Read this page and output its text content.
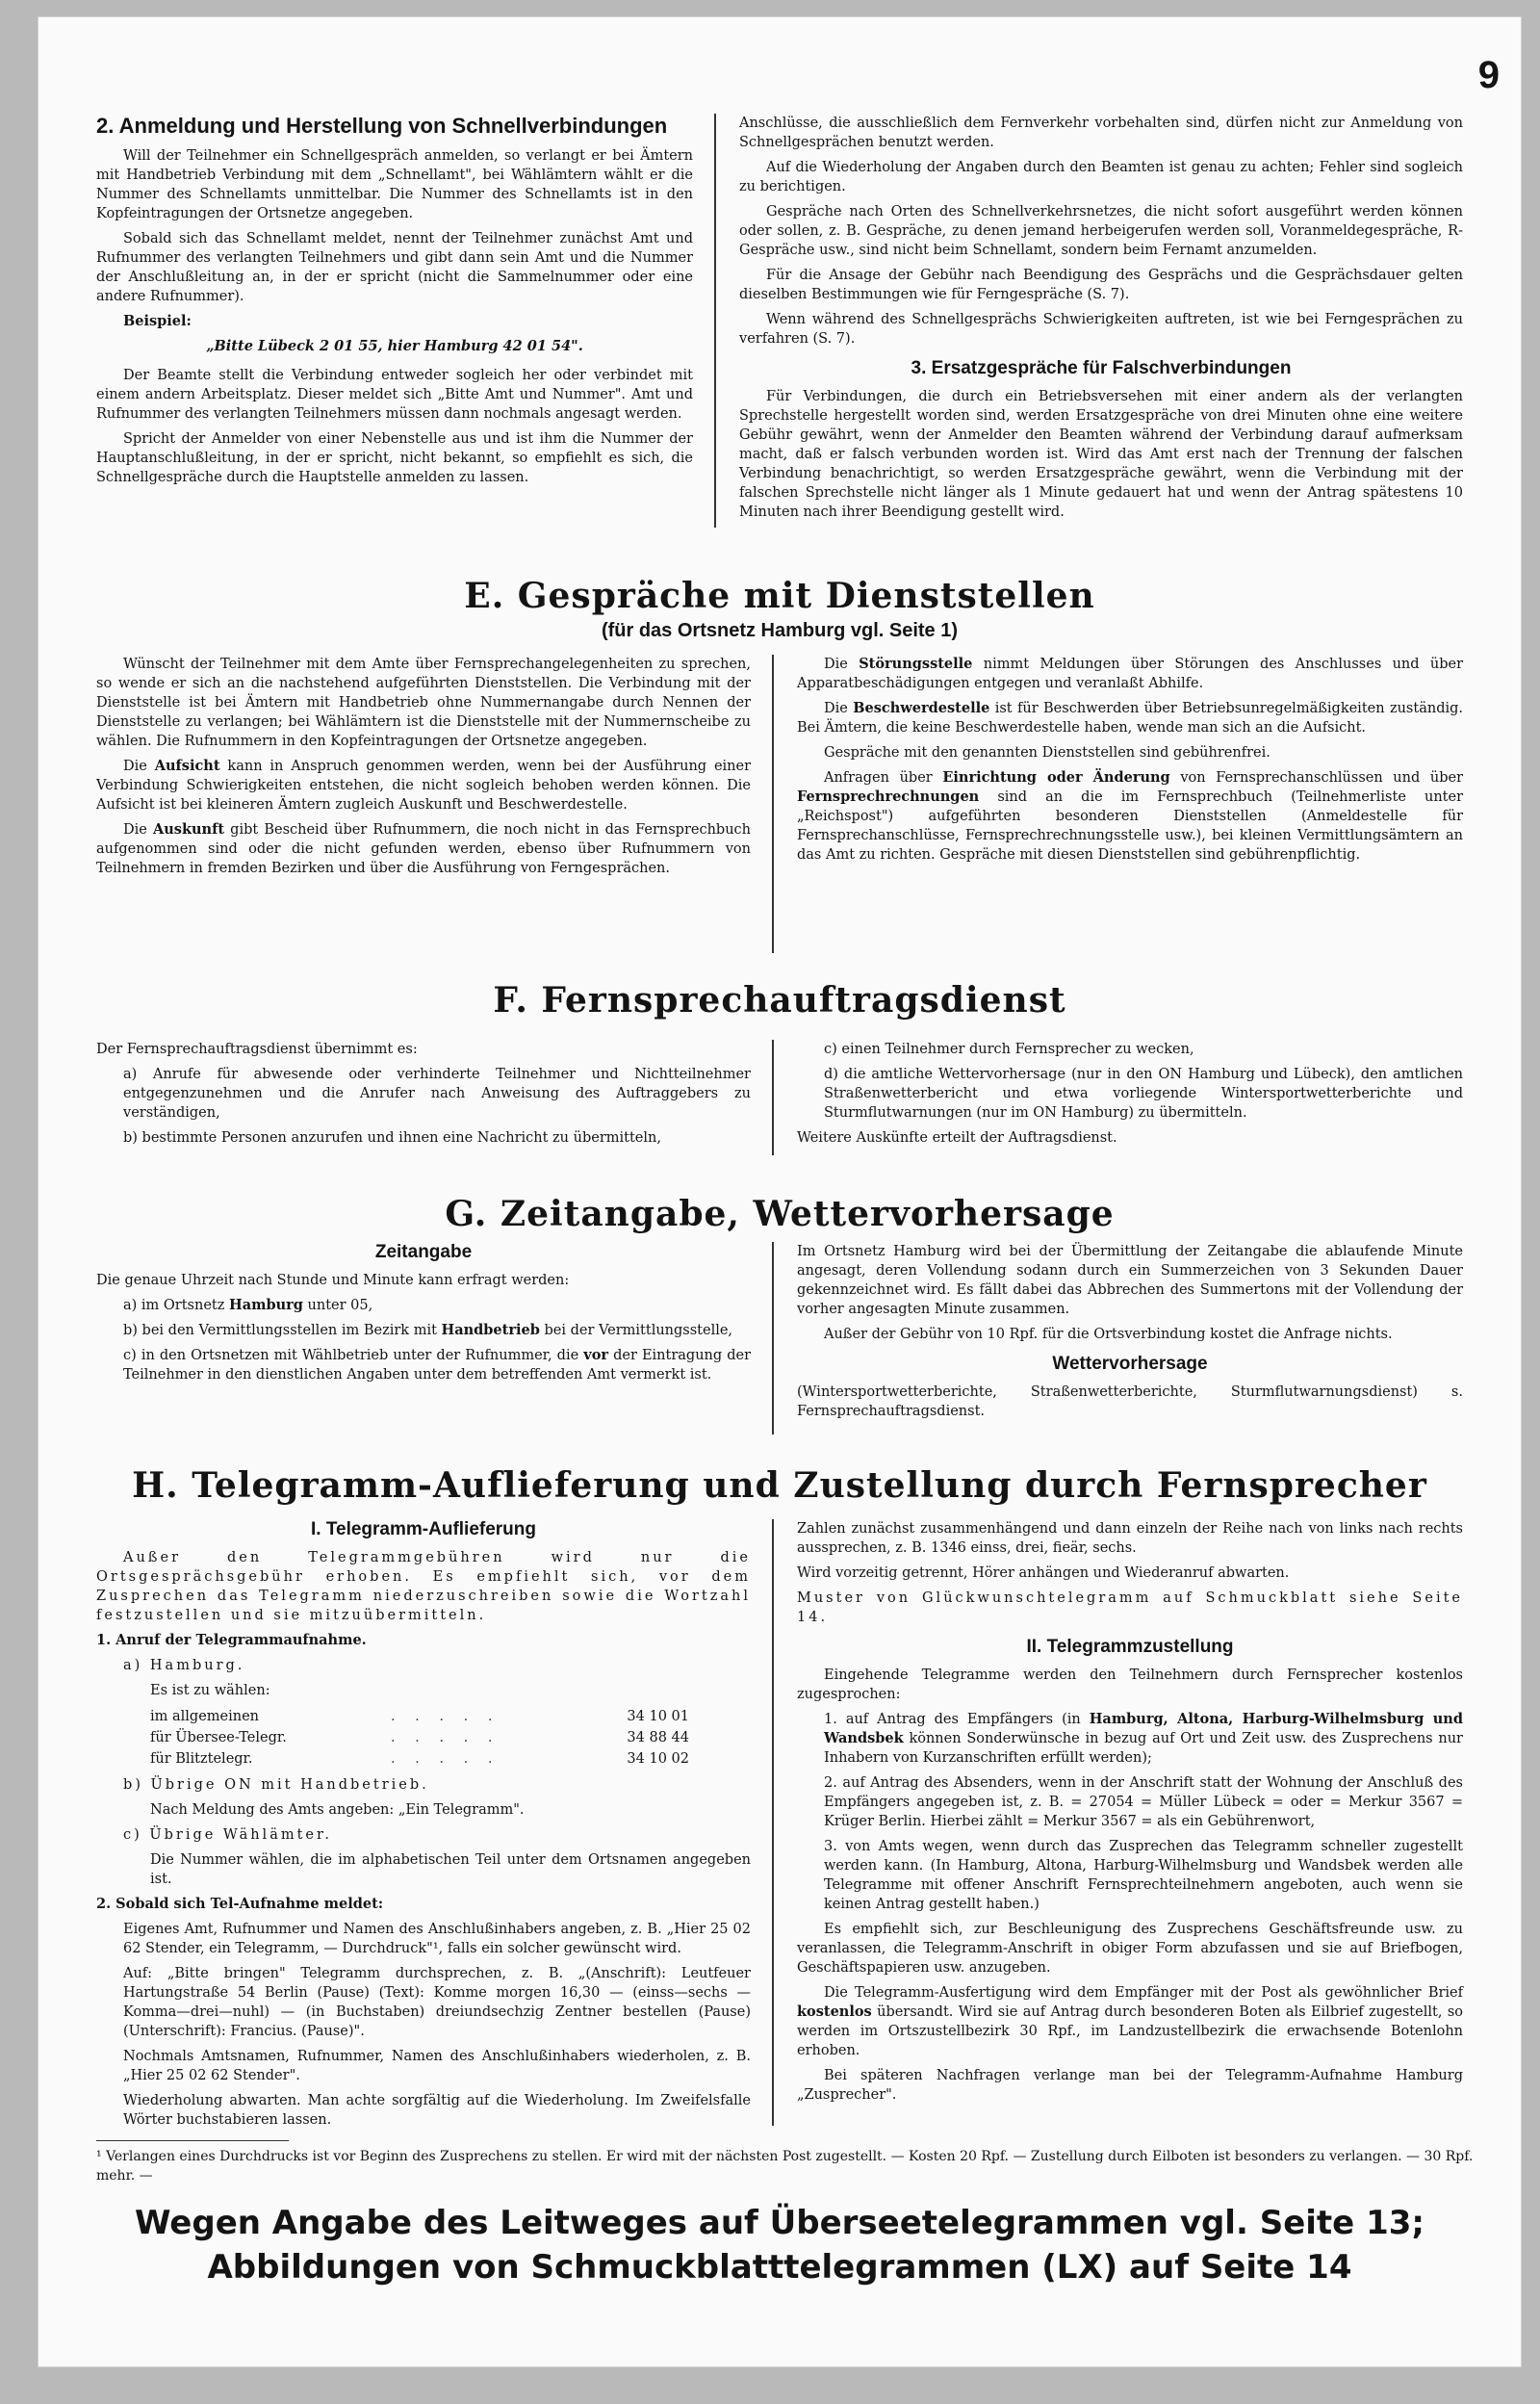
9
2. Anmeldung und Herstellung von Schnellverbindungen

Will der Teilnehmer ein Schnellgespräch anmelden, so verlangt er bei Ämtern mit Handbetrieb Verbindung mit dem „Schnellamt", bei Wählämtern wählt er die Nummer des Schnellamts unmittelbar. Die Nummer des Schnellamts ist in den Kopfeintragungen der Ortsnetze angegeben.

Sobald sich das Schnellamt meldet, nennt der Teilnehmer zunächst Amt und Rufnummer des verlangten Teilnehmers und gibt dann sein Amt und die Nummer der Anschlußleitung an, in der er spricht (nicht die Sammelnummer oder eine andere Rufnummer).

Beispiel:

„Bitte Lübeck 2 01 55, hier Hamburg 42 01 54".

Der Beamte stellt die Verbindung entweder sogleich her oder verbindet mit einem andern Arbeitsplatz. Dieser meldet sich „Bitte Amt und Nummer". Amt und Rufnummer des verlangten Teilnehmers müssen dann nochmals angesagt werden.

Spricht der Anmelder von einer Nebenstelle aus und ist ihm die Nummer der Hauptanschlußleitung, in der er spricht, nicht bekannt, so empfiehlt es sich, die Schnellgespräche durch die Hauptstelle anmelden zu lassen.

Anschlüsse, die ausschließlich dem Fernverkehr vorbehalten sind, dürfen nicht zur Anmeldung von Schnellgesprächen benutzt werden.

Auf die Wiederholung der Angaben durch den Beamten ist genau zu achten; Fehler sind sogleich zu berichtigen.

Gespräche nach Orten des Schnellverkehrsnetzes, die nicht sofort ausgeführt werden können oder sollen, z. B. Gespräche, zu denen jemand herbeigerufen werden soll, Voranmeldegespräche, R-Gespräche usw., sind nicht beim Schnellamt, sondern beim Fernamt anzumelden.

Für die Ansage der Gebühr nach Beendigung des Gesprächs und die Gesprächsdauer gelten dieselben Bestimmungen wie für Ferngespräche (S. 7).

Wenn während des Schnellgesprächs Schwierigkeiten auftreten, ist wie bei Ferngesprächen zu verfahren (S. 7).

3. Ersatzgespräche für Falschverbindungen

Für Verbindungen, die durch ein Betriebsversehen mit einer andern als der verlangten Sprechstelle hergestellt worden sind, werden Ersatzgespräche von drei Minuten ohne eine weitere Gebühr gewährt, wenn der Anmelder den Beamten während der Verbindung darauf aufmerksam macht, daß er falsch verbunden worden ist. Wird das Amt erst nach der Trennung der falschen Verbindung benachrichtigt, so werden Ersatzgespräche gewährt, wenn die Verbindung mit der falschen Sprechstelle nicht länger als 1 Minute gedauert hat und wenn der Antrag spätestens 10 Minuten nach ihrer Beendigung gestellt wird.

E. Gespräche mit Dienststellen
(für das Ortsnetz Hamburg vgl. Seite 1)

Wünscht der Teilnehmer mit dem Amte über Fernsprechangelegenheiten zu sprechen, so wende er sich an die nachstehend aufgeführten Dienststellen. Die Verbindung mit der Dienststelle ist bei Ämtern mit Handbetrieb ohne Nummernangabe durch Nennen der Dienststelle zu verlangen; bei Wählämtern ist die Dienststelle mit der Nummernscheibe zu wählen. Die Rufnummern in den Kopfeintragungen der Ortsnetze angegeben.

Die Aufsicht kann in Anspruch genommen werden, wenn bei der Ausführung einer Verbindung Schwierigkeiten entstehen, die nicht sogleich behoben werden können. Die Aufsicht ist bei kleineren Ämtern zugleich Auskunft und Beschwerdestelle.

Die Auskunft gibt Bescheid über Rufnummern, die noch nicht in das Fernsprechbuch aufgenommen sind oder die nicht gefunden werden, ebenso über Rufnummern von Teilnehmern in fremden Bezirken und über die Ausführung von Ferngesprächen.

Die Störungsstelle nimmt Meldungen über Störungen des Anschlusses und über Apparatbeschädigungen entgegen und veranlaßt Abhilfe.

Die Beschwerdestelle ist für Beschwerden über Betriebsunregelmäßigkeiten zuständig. Bei Ämtern, die keine Beschwerdestelle haben, wende man sich an die Aufsicht.

Gespräche mit den genannten Dienststellen sind gebührenfrei.

Anfragen über Einrichtung oder Änderung von Fernsprechanschlüssen und über Fernsprechrechnungen sind an die im Fernsprechbuch (Teilnehmerliste unter „Reichspost") aufgeführten besonderen Dienststellen (Anmeldestelle für Fernsprechanschlüsse, Fernsprechrechnungsstelle usw.), bei kleinen Vermittlungsämtern an das Amt zu richten. Gespräche mit diesen Dienststellen sind gebührenpflichtig.

F. Fernsprechauftragsdienst

Der Fernsprechauftragsdienst übernimmt es:

a) Anrufe für abwesende oder verhinderte Teilnehmer und Nichtteilnehmer entgegenzunehmen und die Anrufer nach Anweisung des Auftraggebers zu verständigen,

b) bestimmte Personen anzurufen und ihnen eine Nachricht zu übermitteln,

c) einen Teilnehmer durch Fernsprecher zu wecken,

d) die amtliche Wettervorhersage (nur in den ON Hamburg und Lübeck), den amtlichen Straßenwetterbericht und etwa vorliegende Wintersportwetterberichte und Sturmflutwarnungen (nur im ON Hamburg) zu übermitteln.

Weitere Auskünfte erteilt der Auftragsdienst.

G. Zeitangabe, Wettervorhersage
Zeitangabe

Die genaue Uhrzeit nach Stunde und Minute kann erfragt werden:

a) im Ortsnetz Hamburg unter 05,

b) bei den Vermittlungsstellen im Bezirk mit Handbetrieb bei der Vermittlungsstelle,

c) in den Ortsnetzen mit Wählbetrieb unter der Rufnummer, die vor der Eintragung der Teilnehmer in den dienstlichen Angaben unter dem betreffenden Amt vermerkt ist.

Im Ortsnetz Hamburg wird bei der Übermittlung der Zeitangabe die ablaufende Minute angesagt, deren Vollendung sodann durch ein Summerzeichen von 3 Sekunden Dauer gekennzeichnet wird. Es fällt dabei das Abbrechen des Summertons mit der Vollendung der vorher angesagten Minute zusammen.

Außer der Gebühr von 10 Rpf. für die Ortsverbindung kostet die Anfrage nichts.

Wettervorhersage

(Wintersportwetterberichte, Straßenwetterberichte, Sturmflutwarnungsdienst) s. Fernsprechauftragsdienst.

H. Telegramm-Auflieferung und Zustellung durch Fernsprecher
I. Telegramm-Auflieferung

Außer den Telegrammgebühren wird nur die Ortsgesprächsgebühr erhoben. Es empfiehlt sich, vor dem Zusprechen das Telegramm niederzuschreiben sowie die Wortzahl festzustellen und sie mitzuübermitteln.

1. Anruf der Telegrammaufnahme.

a) Hamburg.

Es ist zu wählen:

im allgemeinen	. . . . .	34 10 01
für Übersee-Telegr.	. . . . .	34 88 44
für Blitztelegr.	. . . . .	34 10 02

b) Übrige ON mit Handbetrieb.

Nach Meldung des Amts angeben: „Ein Telegramm".

c) Übrige Wählämter.

Die Nummer wählen, die im alphabetischen Teil unter dem Ortsnamen angegeben ist.

2. Sobald sich Tel-Aufnahme meldet:

Eigenes Amt, Rufnummer und Namen des Anschlußinhabers angeben, z. B. „Hier 25 02 62 Stender, ein Telegramm, — Durchdruck"¹, falls ein solcher gewünscht wird.

Auf: „Bitte bringen" Telegramm durchsprechen, z. B. „(Anschrift): Leutfeuer Hartungstraße 54 Berlin (Pause) (Text): Komme morgen 16,30 — (einss—sechs —Komma—drei—nuhl) — (in Buchstaben) dreiundsechzig Zentner bestellen (Pause) (Unterschrift): Francius. (Pause)".

Nochmals Amtsnamen, Rufnummer, Namen des Anschlußinhabers wiederholen, z. B. „Hier 25 02 62 Stender".

Wiederholung abwarten. Man achte sorgfältig auf die Wiederholung. Im Zweifelsfalle Wörter buchstabieren lassen.

Zahlen zunächst zusammenhängend und dann einzeln der Reihe nach von links nach rechts aussprechen, z. B. 1346 einss, drei, fieär, sechs.

Wird vorzeitig getrennt, Hörer anhängen und Wiederanruf abwarten.

Muster von Glückwunschtelegramm auf Schmuckblatt siehe Seite 14.

II. Telegrammzustellung

Eingehende Telegramme werden den Teilnehmern durch Fernsprecher kostenlos zugesprochen:

1. auf Antrag des Empfängers (in Hamburg, Altona, Harburg-Wilhelmsburg und Wandsbek können Sonderwünsche in bezug auf Ort und Zeit usw. des Zusprechens nur Inhabern von Kurzanschriften erfüllt werden);

2. auf Antrag des Absenders, wenn in der Anschrift statt der Wohnung der Anschluß des Empfängers angegeben ist, z. B. = 27054 = Müller Lübeck = oder = Merkur 3567 = Krüger Berlin. Hierbei zählt = Merkur 3567 = als ein Gebührenwort,

3. von Amts wegen, wenn durch das Zusprechen das Telegramm schneller zugestellt werden kann. (In Hamburg, Altona, Harburg-Wilhelmsburg und Wandsbek werden alle Telegramme mit offener Anschrift Fernsprechteilnehmern angeboten, auch wenn sie keinen Antrag gestellt haben.)

Es empfiehlt sich, zur Beschleunigung des Zusprechens Geschäftsfreunde usw. zu veranlassen, die Telegramm-Anschrift in obiger Form abzufassen und sie auf Briefbogen, Geschäftspapieren usw. anzugeben.

Die Telegramm-Ausfertigung wird dem Empfänger mit der Post als gewöhnlicher Brief kostenlos übersandt. Wird sie auf Antrag durch besonderen Boten als Eilbrief zugestellt, so werden im Ortszustellbezirk 30 Rpf., im Landzustellbezirk die erwachsende Botenlohn erhoben.

Bei späteren Nachfragen verlange man bei der Telegramm-Aufnahme Hamburg „Zusprecher".

¹ Verlangen eines Durchdrucks ist vor Beginn des Zusprechens zu stellen. Er wird mit der nächsten Post zugestellt. — Kosten 20 Rpf. — Zustellung durch Eilboten ist besonders zu verlangen. — 30 Rpf. mehr. —
Wegen Angabe des Leitweges auf Überseetelegrammen vgl. Seite 13;
Abbildungen von Schmuckblatttelegrammen (LX) auf Seite 14
